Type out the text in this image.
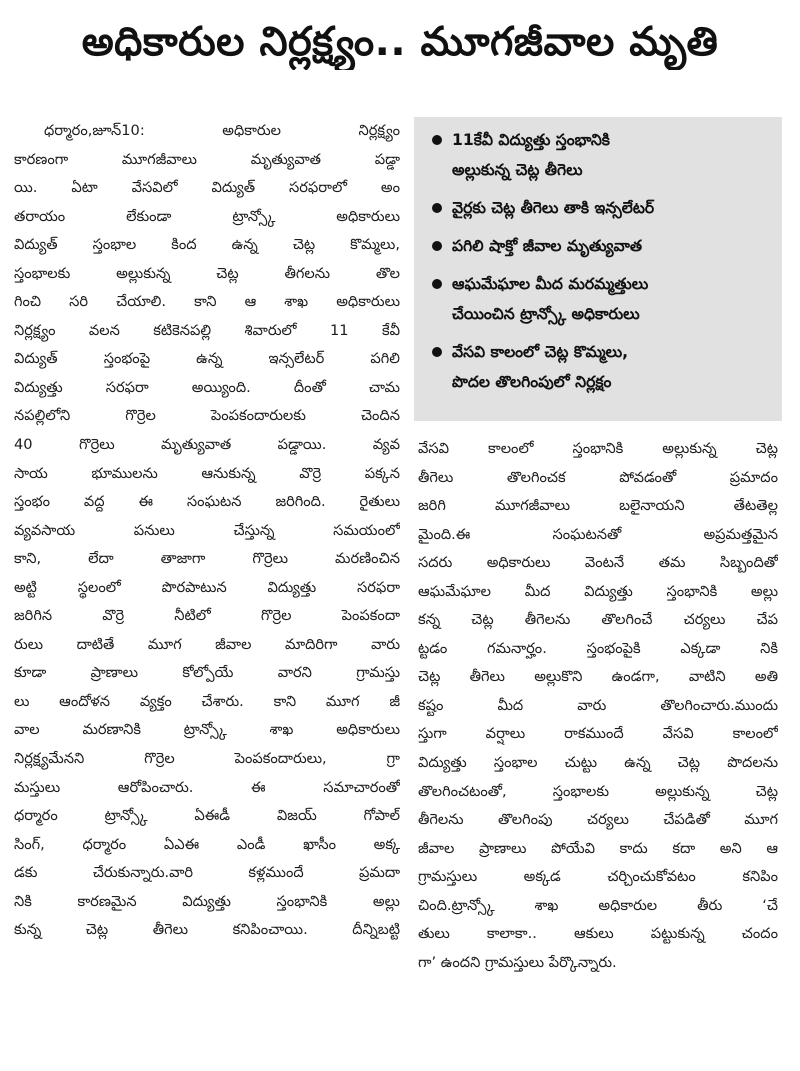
అధికారుల నిర్లక్ష్యం.. మూగజీవాల మృతి
ధర్మారం,జూన్10: అధికారుల నిర్లక్ష్యం
కారణంగా మూగజీవాలు మృత్యువాత పడ్డా
యి. ఏటా వేసవిలో విద్యుత్ సరఫరాలో అం
తరాయం లేకుండా ట్రాన్స్కో అధికారులు
విద్యుత్ స్తంభాల కింద ఉన్న చెట్ల కొమ్మలు,
స్తంభాలకు అల్లుకున్న చెట్ల తీగలను తొల
గించి సరి చేయాలి. కాని ఆ శాఖ అధికారులు
నిర్లక్ష్యం వలన కటికెనపల్లి శివారులో 11 కేవీ
విద్యుత్ స్తంభంపై ఉన్న ఇన్సలేటర్ పగిలి
విద్యుత్తు సరఫరా అయ్యింది. దీంతో చామ
నపల్లిలోని గొర్రెల పెంపకందారులకు చెందిన
40 గొర్రెలు మృత్యువాత పడ్డాయి. వ్యవ
సాయ భూములను ఆనుకున్న వొర్రె పక్కన
స్తంభం వద్ద ఈ సంఘటన జరిగింది. రైతులు
వ్యవసాయ పనులు చేస్తున్న సమయంలో
కాని, లేదా తాజాగా గొర్రెలు మరణించిన
అట్టి స్థలంలో పొరపాటున విద్యుత్తు సరఫరా
జరిగిన వొర్రె నీటిలో గొర్రెల పెంపకందా
రులు దాటితే మూగ జీవాల మాదిరిగా వారు
కూడా ప్రాణాలు కోల్పోయే వారని గ్రామస్తు
లు ఆందోళన వ్యక్తం చేశారు. కాని మూగ జీ
వాల మరణానికి ట్రాన్స్కో శాఖ అధికారులు
నిర్లక్ష్యమేనని గొర్రెల పెంపకందారులు, గ్రా
మస్తులు ఆరోపించారు. ఈ సమాచారంతో
ధర్మారం ట్రాన్స్కో ఏఈడీ విజయ్ గోపాల్
సింగ్, ధర్మారం ఏఎఈ ఎండీ ఖాసీం అక్క
డకు చేరుకున్నారు.వారి కళ్లముందే ప్రమదా
నికి కారణమైన విద్యుత్తు స్తంభానికి అల్లు
కున్న చెట్ల తీగెలు కనిపించాయి. దీన్నిబట్టి
11కేవీ విద్యుత్తు స్తంభానికి
అల్లుకున్న చెట్ల తీగెలు
వైర్లకు చెట్ల తీగెలు తాకి ఇన్సలేటర్
పగిలి షాక్తో జీవాల మృత్యువాత
ఆఘమేఘాల మీద మరమ్మత్తులు
చేయించిన ట్రాన్స్కో అధికారులు
వేసవి కాలంలో చెట్ల కొమ్మలు,
పొదల తొలగింపులో నిర్లక్షం
వేసవి కాలంలో స్తంభానికి అల్లుకున్న చెట్ల
తీగెలు తొలగించక పోవడంతో ప్రమాదం
జరిగి మూగజీవాలు బలైనాయని తేటతెల్ల
మైంది.ఈ సంఘటనతో అప్రమత్తమైన
సదరు అధికారులు వెంటనే తమ సిబ్బందితో
ఆఘమేఘాల మీద విద్యుత్తు స్తంభానికి అల్లు
కన్న చెట్ల తీగెలను తొలగించే చర్యలు చేప
ట్టడం గమనార్హం. స్తంభంపైకి ఎక్కడా నికి
చెట్ల తీగెలు అల్లుకొని ఉండగా, వాటిని అతి
కష్టం మీద వారు తొలగించారు.ముందు
స్తుగా వర్షాలు రాకముందే వేసవి కాలంలో
విద్యుత్తు స్తంభాల చుట్టు ఉన్న చెట్ల పొదలను
తొలగించటంతో, స్తంభాలకు అల్లుకున్న చెట్ల
తీగెలను తొలగింపు చర్యలు చేపడితో మూగ
జీవాల ప్రాణాలు పోయేవి కాదు కదా అని ఆ
గ్రామస్తులు అక్కడ చర్చించుకోవటం కనిపిం
చింది.ట్రాన్స్కో శాఖ అధికారుల తీరు ‘చే
తులు కాలాకా.. ఆకులు పట్టుకున్న చందం
గా’ ఉందని గ్రామస్తులు పేర్కొన్నారు.
